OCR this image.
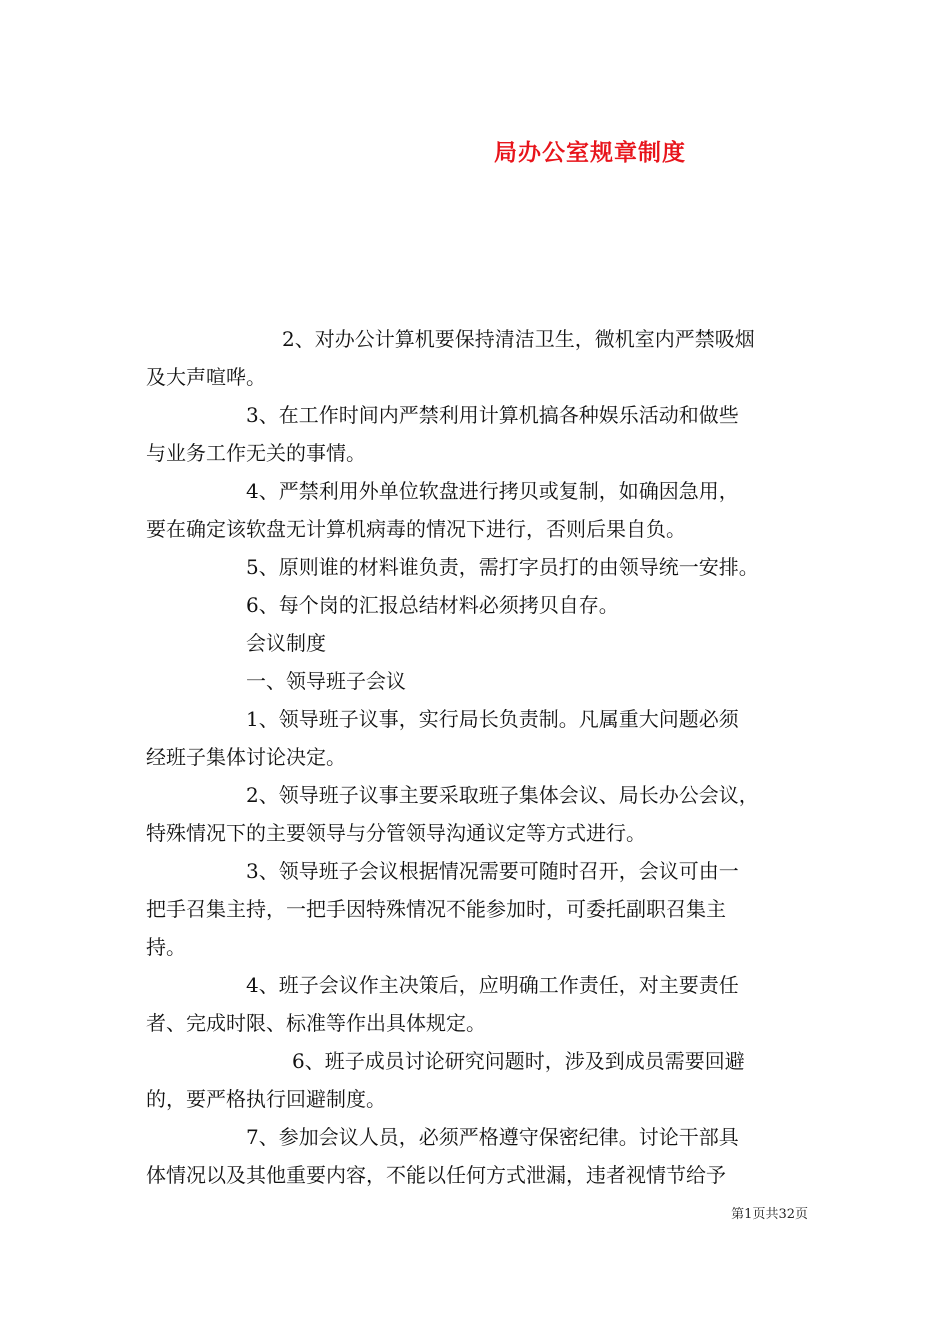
局办公室规章制度
2、对办公计算机要保持清洁卫生，微机室内严禁吸烟
及大声喧哗。
3、在工作时间内严禁利用计算机搞各种娱乐活动和做些
与业务工作无关的事情。
4、严禁利用外单位软盘进行拷贝或复制，如确因急用，
要在确定该软盘无计算机病毒的情况下进行，否则后果自负。
5、原则谁的材料谁负责，需打字员打的由领导统一安排。
6、每个岗的汇报总结材料必须拷贝自存。
会议制度
一、领导班子会议
1、领导班子议事，实行局长负责制。凡属重大问题必须
经班子集体讨论决定。
2、领导班子议事主要采取班子集体会议、局长办公会议，
特殊情况下的主要领导与分管领导沟通议定等方式进行。
3、领导班子会议根据情况需要可随时召开，会议可由一
把手召集主持，一把手因特殊情况不能参加时，可委托副职召集主
持。
4、班子会议作主决策后，应明确工作责任，对主要责任
者、完成时限、标准等作出具体规定。
6、班子成员讨论研究问题时，涉及到成员需要回避
的，要严格执行回避制度。
7、参加会议人员，必须严格遵守保密纪律。讨论干部具
体情况以及其他重要内容，不能以任何方式泄漏，违者视情节给予
第1页共32页
